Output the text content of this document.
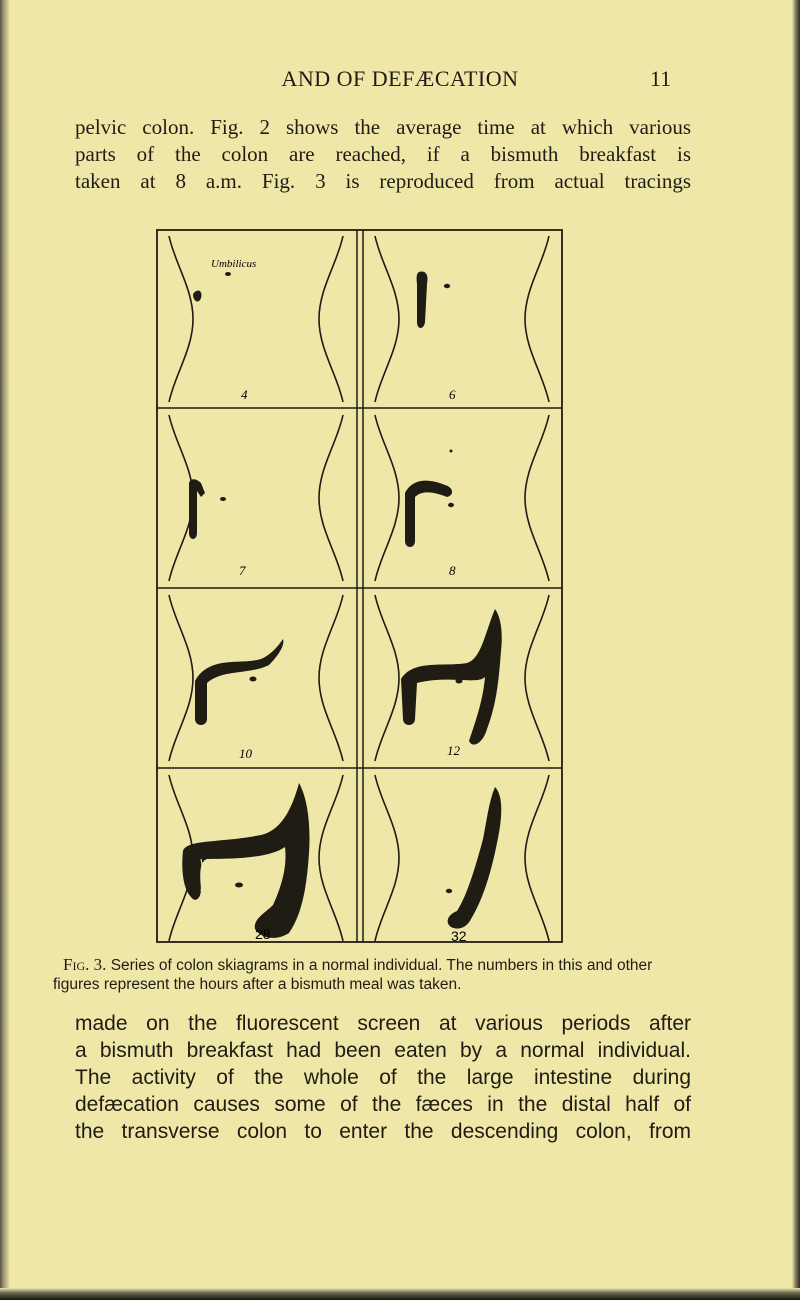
AND OF DEFÆCATION	11
pelvic colon. Fig. 2 shows the average time at which various
parts of the colon are reached, if a bismuth breakfast is
taken at 8 a.m. Fig. 3 is reproduced from actual tracings
Umbilicus
4	6
7	8
10	12
28	32
Fig. 3. Series of colon skiagrams in a normal individual. The numbers in this and other figures represent the hours after a bismuth meal was taken.
made on the fluorescent screen at various periods after
a bismuth breakfast had been eaten by a normal individual.
The activity of the whole of the large intestine during
defæcation causes some of the fæces in the distal half of
the transverse colon to enter the descending colon, from
